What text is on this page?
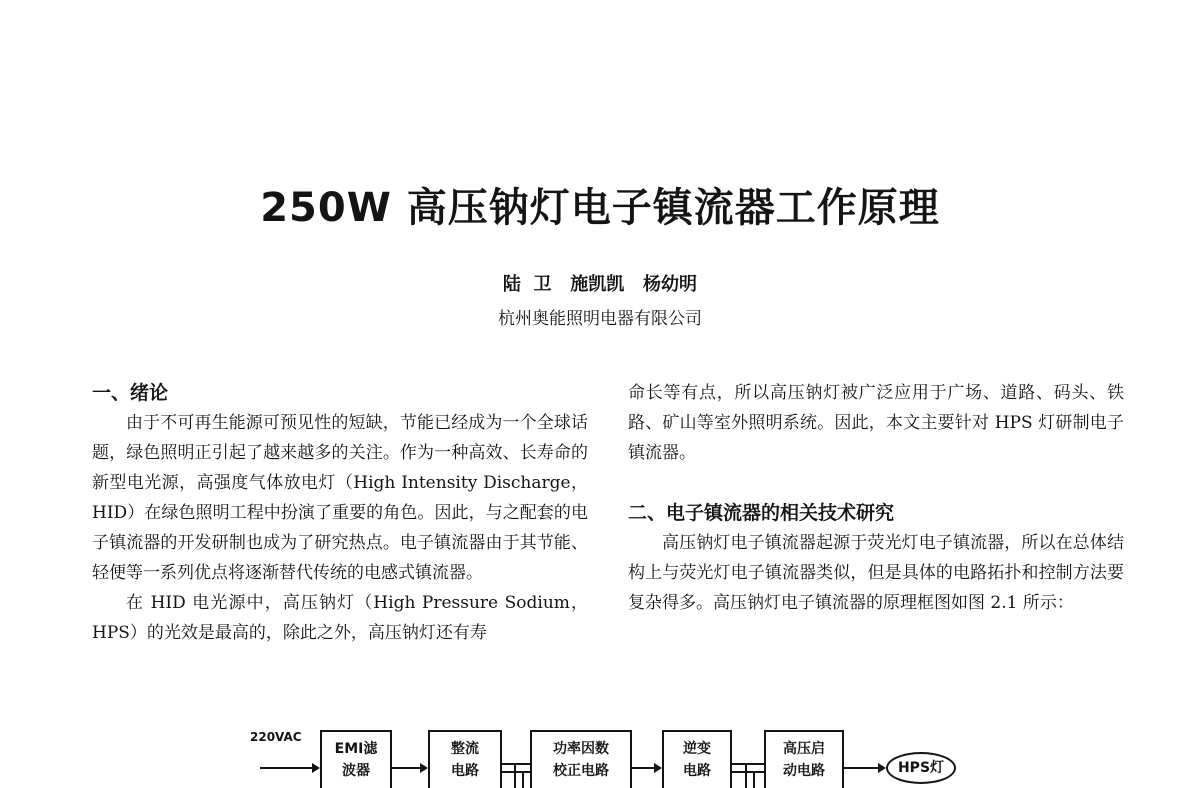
250W 高压钠灯电子镇流器工作原理
陆  卫   施凯凯   杨幼明
杭州奥能照明电器有限公司
一、绪论

由于不可再生能源可预见性的短缺，节能已经成为一个全球话题，绿色照明正引起了越来越多的关注。作为一种高效、长寿命的新型电光源，高强度气体放电灯（High Intensity Discharge，HID）在绿色照明工程中扮演了重要的角色。因此，与之配套的电子镇流器的开发研制也成为了研究热点。电子镇流器由于其节能、轻便等一系列优点将逐渐替代传统的电感式镇流器。

在 HID 电光源中，高压钠灯（High Pressure Sodium，HPS）的光效是最高的，除此之外，高压钠灯还有寿

命长等有点，所以高压钠灯被广泛应用于广场、道路、码头、铁路、矿山等室外照明系统。因此，本文主要针对 HPS 灯研制电子镇流器。

二、电子镇流器的相关技术研究

高压钠灯电子镇流器起源于荧光灯电子镇流器，所以在总体结构上与荧光灯电子镇流器类似，但是具体的电路拓扑和控制方法要复杂得多。高压钠灯电子镇流器的原理框图如图 2.1 所示：

220VAC
EMI滤
波器
整流
电路
功率因数
校正电路
逆变
电路
高压启
动电路	HPS灯
